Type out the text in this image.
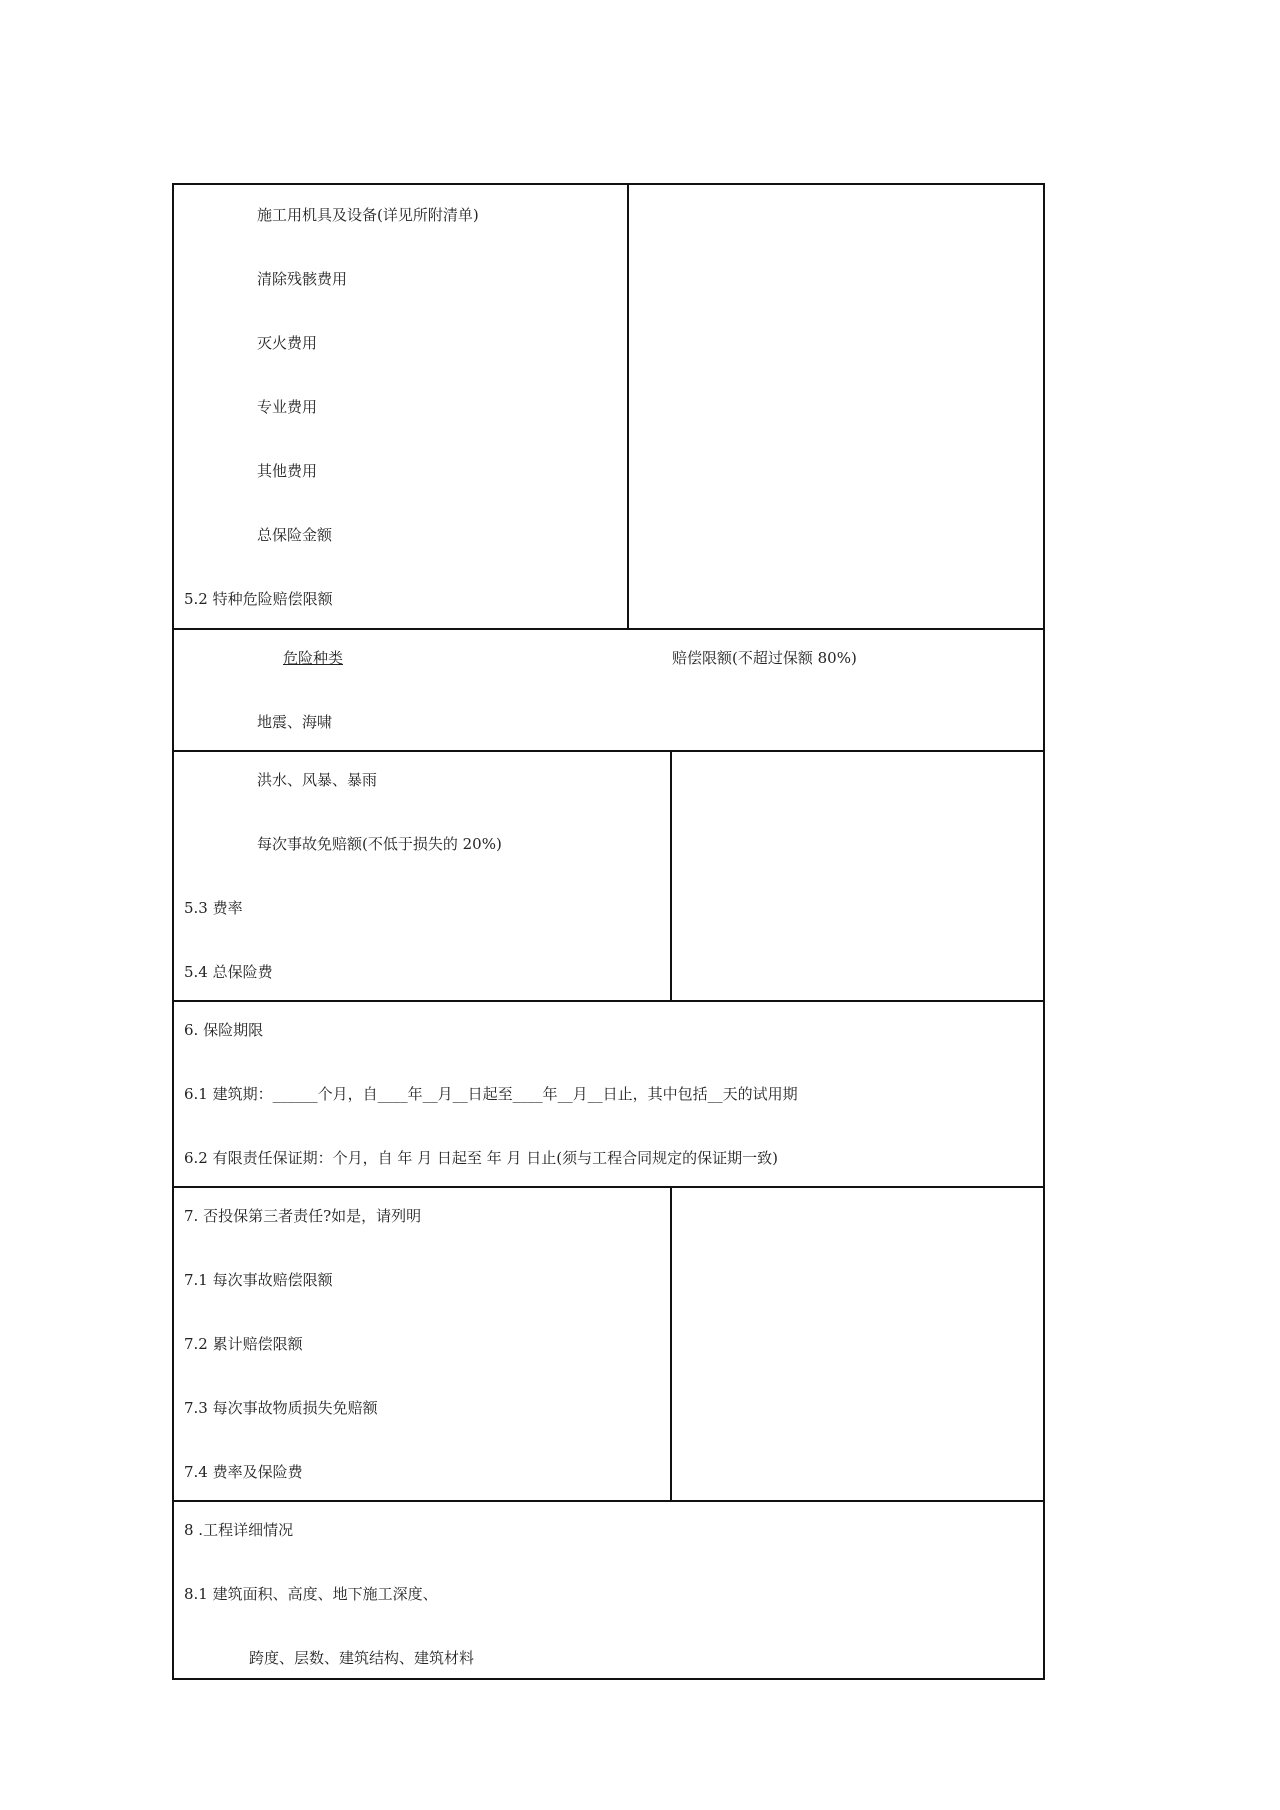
施工用机具及设备(详见所附清单)
清除残骸费用
灭火费用
专业费用
其他费用
总保险金额
5.2 特种危险赔偿限额
危险种类	赔偿限额(不超过保额 80%)
地震、海啸
洪水、风暴、暴雨
每次事故免赔额(不低于损失的 20%)
5.3 费率
5.4 总保险费
6. 保险期限
6.1 建筑期：______个月，自____年__月__日起至____年__月__日止，其中包括__天的试用期
6.2 有限责任保证期：个月，自 年 月 日起至 年 月 日止(须与工程合同规定的保证期一致)
7. 否投保第三者责任?如是，请列明
7.1 每次事故赔偿限额
7.2 累计赔偿限额
7.3 每次事故物质损失免赔额
7.4 费率及保险费
8 .工程详细情况
8.1 建筑面积、高度、地下施工深度、
跨度、层数、建筑结构、建筑材料
